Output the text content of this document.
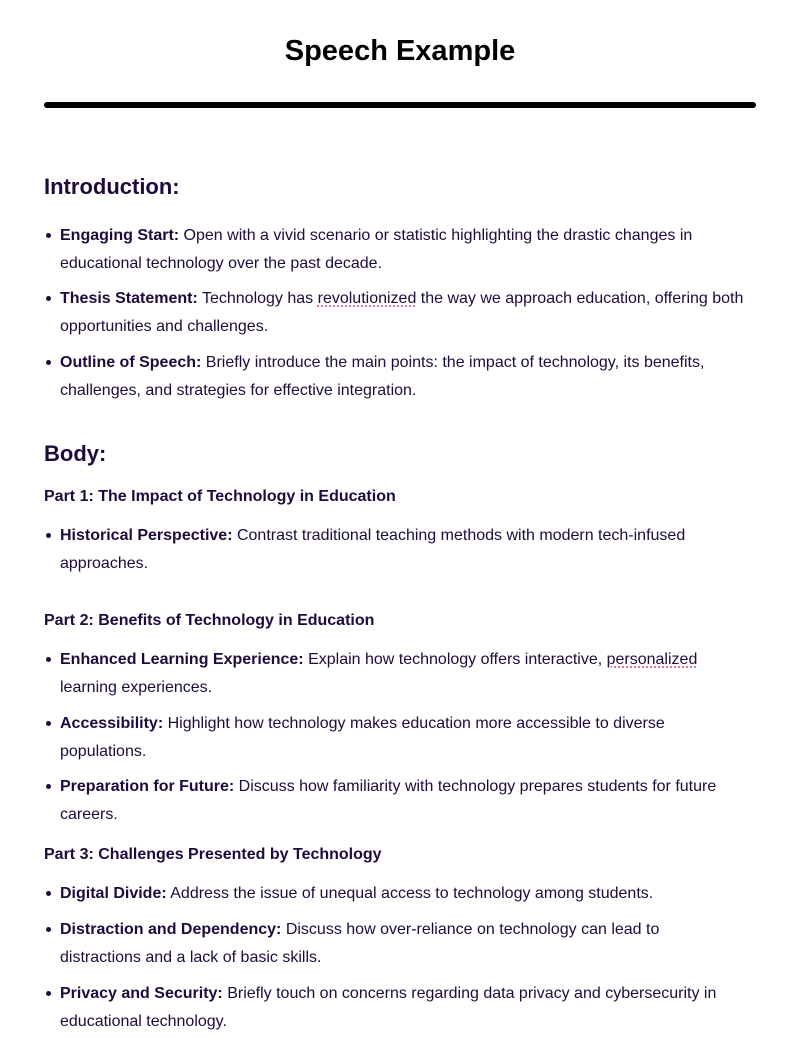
Speech Example
Introduction:
Engaging Start: Open with a vivid scenario or statistic highlighting the drastic changes in educational technology over the past decade.
Thesis Statement: Technology has revolutionized the way we approach education, offering both opportunities and challenges.
Outline of Speech: Briefly introduce the main points: the impact of technology, its benefits, challenges, and strategies for effective integration.
Body:
Part 1: The Impact of Technology in Education
Historical Perspective: Contrast traditional teaching methods with modern tech-infused approaches.
Part 2: Benefits of Technology in Education
Enhanced Learning Experience: Explain how technology offers interactive, personalized learning experiences.
Accessibility: Highlight how technology makes education more accessible to diverse populations.
Preparation for Future: Discuss how familiarity with technology prepares students for future careers.
Part 3: Challenges Presented by Technology
Digital Divide: Address the issue of unequal access to technology among students.
Distraction and Dependency: Discuss how over-reliance on technology can lead to distractions and a lack of basic skills.
Privacy and Security: Briefly touch on concerns regarding data privacy and cybersecurity in educational technology.
